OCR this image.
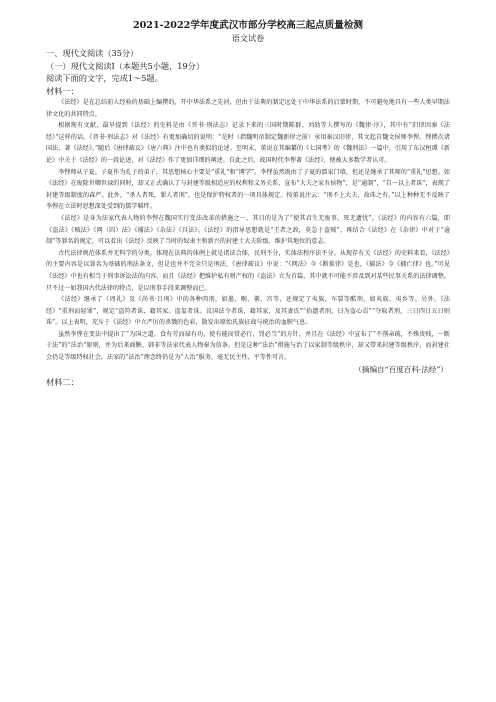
2021-2022学年度武汉市部分学校高三起点质量检测

语文试卷

一、现代文阅读（35分）

（一）现代文阅读Ⅰ（本题共5小题，19分）

阅读下面的文字，完成1～5题。

材料一：

《法经》是在总结前人经验的基础上编撰的，开中华法系之先河，但由于法典的制定远处于中华法系的启蒙时期，不可避免地具有一些人类早期法律文化的共同特点。

根据现有文献，最早提到《法经》的史料是由《晋书·刑法志》记录下来的三国时期陈群、刘劭等人撰写的《魏律·序》，其中有“旧律因秦《法经》”这样的话。《晋书·刑法志》对《法经》有更加确切的说明：“是时（指魏明帝制定魏新律之前）承用秦汉旧律，其文起自魏文侯师李悝。悝撰次诸国法，著《法经》。”随后《唐律疏议》《唐六典》注中也有类似的论述。至明末，董说在其编纂的《七国考》的《魏刑法》一篇中，引用了东汉桓谭《新论》中关于《法经》的一段论述，对《法经》作了更加详细的阐述。自此之后，战国时代李悝著《法经》，便被大多数学者认可。

李悝师从子夏。子夏作为孔子的弟子，其思想核心主要是“重礼”和“博学”。李悝虽然既由了子夏的儒家门墙，但还是继承了其师的“重礼”思想。如《法经》在废除世卿世禄的同时，却又正式确认了与封建等级相适应的权利和义务关系，宣布“大夫之家有侯物”，是“逾制”，“自一以上者诛”，表现了封建等级制度的森严。此外，“杀人者死，罪人者刑”，也是保护特权者的一项具体规定。按董说注云：“刑不上大夫，故诛之有。”以上种种无不反映了李悝在立法时思想深处受到的儒学羁绊。

《法经》是身为法家代表人物的李悝在魏国实行变法改革的措施之一，其目的是为了“使其君生无废事，死无遗忧”。《法经》的内容有六篇，即《盗法》《贼法》《网（囚）法》《捕法》《杂法》《具法》。《法经》的指导思想就是“王者之政，莫急于盗贼”。再结合《法经》在《杂律》中对于“逾制”等罪名的规定，可以看出《法经》反映了当时的奴隶主和新兴的封建士大夫阶级、维护其地位的意志。

古代法律规范体系并无科学的分类，体现在法典的体例上就是诸法合体，民刑不分，实体法程序法不分。从现存有关《法经》的史料来看，《法经》的主要内容是以罪名为基础的刑法条文，但是也并不完全只是刑法，《唐律疏议》中说：“《网法》今《断狱律》是也，《捕法》今《捕亡律》也。”可见《法经》中也有相当于刑事诉讼法的内容。而且《法经》把维护私有财产权的《盗法》立为首篇，其中就不可能不涉及到对某些民事关系的法律调整，只不过一如我国古代法律的特点，是以刑事手段来调整而已。

《法经》继承了《周礼》及《尚书·吕刑》中的各种肉刑，如墨、劓、剕、宫等，还规定了夷族、车裂等酷刑，如夷族、夷乡等。另外，《法经》“重刑而轻罪”，规定“盗符者诛，籍其家。盗玺者诛。议国法令者诛，籍其家，及其妻氏”“拾遗者刖，曰为盗心焉”“夺取者刑，三日四日五日则诛”。以上表明，充斥于《法经》中立严厉的杀戮的色彩，散发出原始氏族征战与统治的血腥气息。

虽然李悝在变法中提出了“为国之道，食有劳而禄有功，使有能而赏必行，罚必当”的方针，并且在《法经》中宣布了“不削亲疏，不殊贵贱，一断于法”的“法治”原则，并为后来商鞅、韩非等法家代表人物奉为信条。但是这种“法治”措施与治了以家制等级秩序，却又带来封建等级秩序，而封建社会仍是等级特权社会，法家的“法治”理念终仍是为“人治”服务，毫无民主性、平等性可言。

（摘编自“百度百科·法经”）

材料二：
